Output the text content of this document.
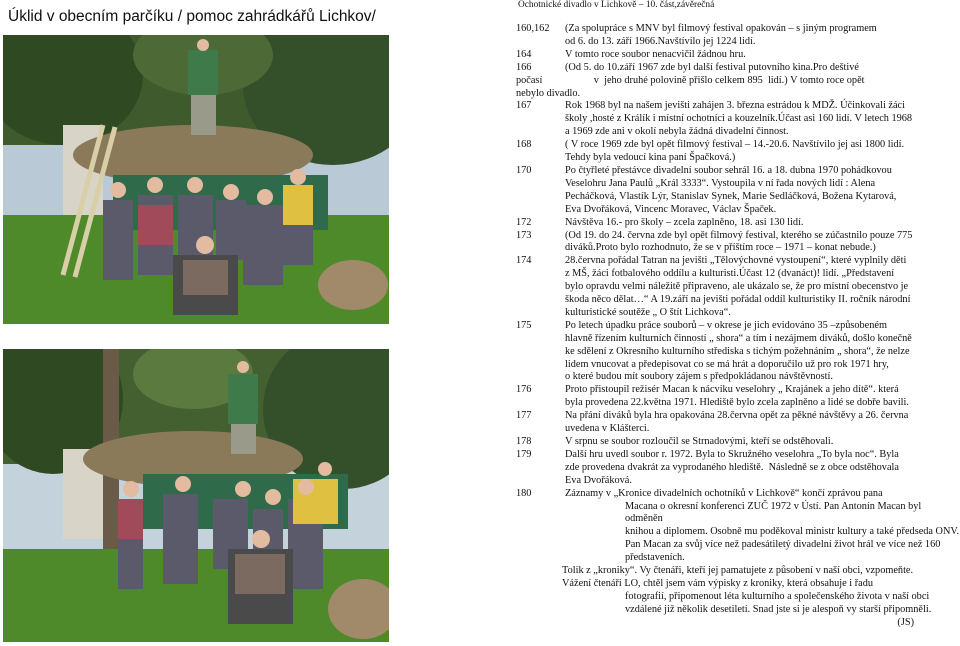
Úklid v obecním parčíku / pomoc zahrádkářů Lichkov/
Ochotnické divadlo v Lichkově – 10. část,závěrečná
160,162	(Za spolupráce s MNV byl filmový festival opakován – s jiným programem
od 6. do 13. září 1966.Navštívilo jej 1224 lidí.
164	V tomto roce soubor nenacvičil žádnou hru.
166	(Od 5. do 10.září 1967 zde byl další festival putovního kina.Pro deštivé
počasí                    v  jeho druhé polovině přišlo celkem 895  lidí.) V tomto roce opět
nebylo divadlo.
167	Rok 1968 byl na našem jevišti zahájen 3. března estrádou k MDŽ. Účinkovali žáci
školy ,hosté z Králík i místní ochotníci a kouzelník.Účast asi 160 lidí. V letech 1968
a 1969 zde ani v okolí nebyla žádná divadelní činnost.
168	( V roce 1969 zde byl opět filmový festival – 14.-20.6. Navštívilo jej asi 1800 lidí.
Tehdy byla vedoucí kina paní Špačková.)
170	Po čtyřleté přestávce divadelní soubor sehrál 16. a 18. dubna 1970 pohádkovou
Veselohru Jana Paulů „Král 3333“. Vystoupila v ní řada nových lidí : Alena
Pecháčková, Vlastík Lýr, Stanislav Synek, Marie Sedláčková, Božena Kytarová,
Eva Dvořáková, Vincenc Moravec, Václav Špaček.
172	Návštěva 16.- pro školy – zcela zaplněno, 18. asi 130 lidí.
173	(Od 19. do 24. června zde byl opět filmový festival, kterého se zúčastnilo pouze 775
diváků.Proto bylo rozhodnuto, že se v příštím roce – 1971 – konat nebude.)
174	28.června pořádal Tatran na jevišti „Tělovýchovné vystoupení“, které vyplnily děti
z MŠ, žáci fotbalového oddílu a kulturisti.Účast 12 (dvanáct)! lidí. „Představení
bylo opravdu velmi náležitě připraveno, ale ukázalo se, že pro místní obecenstvo je
škoda něco dělat…“ A 19.září na jevišti pořádal oddíl kulturistiky II. ročník národní
kulturistické soutěže „ O štít Lichkova“.
175	Po letech úpadku práce souborů – v okrese je jich evidováno 35 –způsobeném
hlavně řízením kulturních činností „ shora“ a tím i nezájmem diváků, došlo konečně
ke sdělení z Okresního kulturního střediska s tichým požehnáním „ shora“, že nelze
lidem vnucovat a předepisovat co se má hrát a doporučilo už pro rok 1971 hry,
o které budou mít soubory zájem s předpokládanou návštěvností.
176	Proto přistoupil režisér Macan k nácviku veselohry „ Krajánek a jeho dítě“. která
byla provedena 22.května 1971. Hlediště bylo zcela zaplněno a lidé se dobře bavili.
177	Na přání diváků byla hra opakována 28.června opět za pěkné návštěvy a 26. června
uvedena v Klášterci.
178	V srpnu se soubor rozloučil se Strnadovými, kteří se odstěhovali.
179	Další hru uvedl soubor r. 1972. Byla to Skružného veselohra „To byla noc“. Byla
zde provedena dvakrát za vyprodaného hlediště.  Následně se z obce odstěhovala
Eva Dvořáková.
180	Záznamy v „Kronice divadelních ochotníků v Lichkově“ končí zprávou pana
Macana o okresní konferenci ZUČ 1972 v Ústí. Pan Antonín Macan byl odměněn
knihou a diplomem. Osobně mu poděkoval ministr kultury a také předseda ONV.
Pan Macan za svůj více než padesátiletý divadelní život hrál ve více než 160
představeních.
Tolik z „kroniky“. Vy čtenáři, kteří jej pamatujete z působení v naší obci, vzpomeňte.
Vážení čtenáři LO, chtěl jsem vám výpisky z kroniky, která obsahuje i řadu
fotografií, připomenout léta kulturního a společenského života v naší obci
vzdálené již několik desetiletí. Snad jste si je alespoň vy starší připomněli.
(JS)
